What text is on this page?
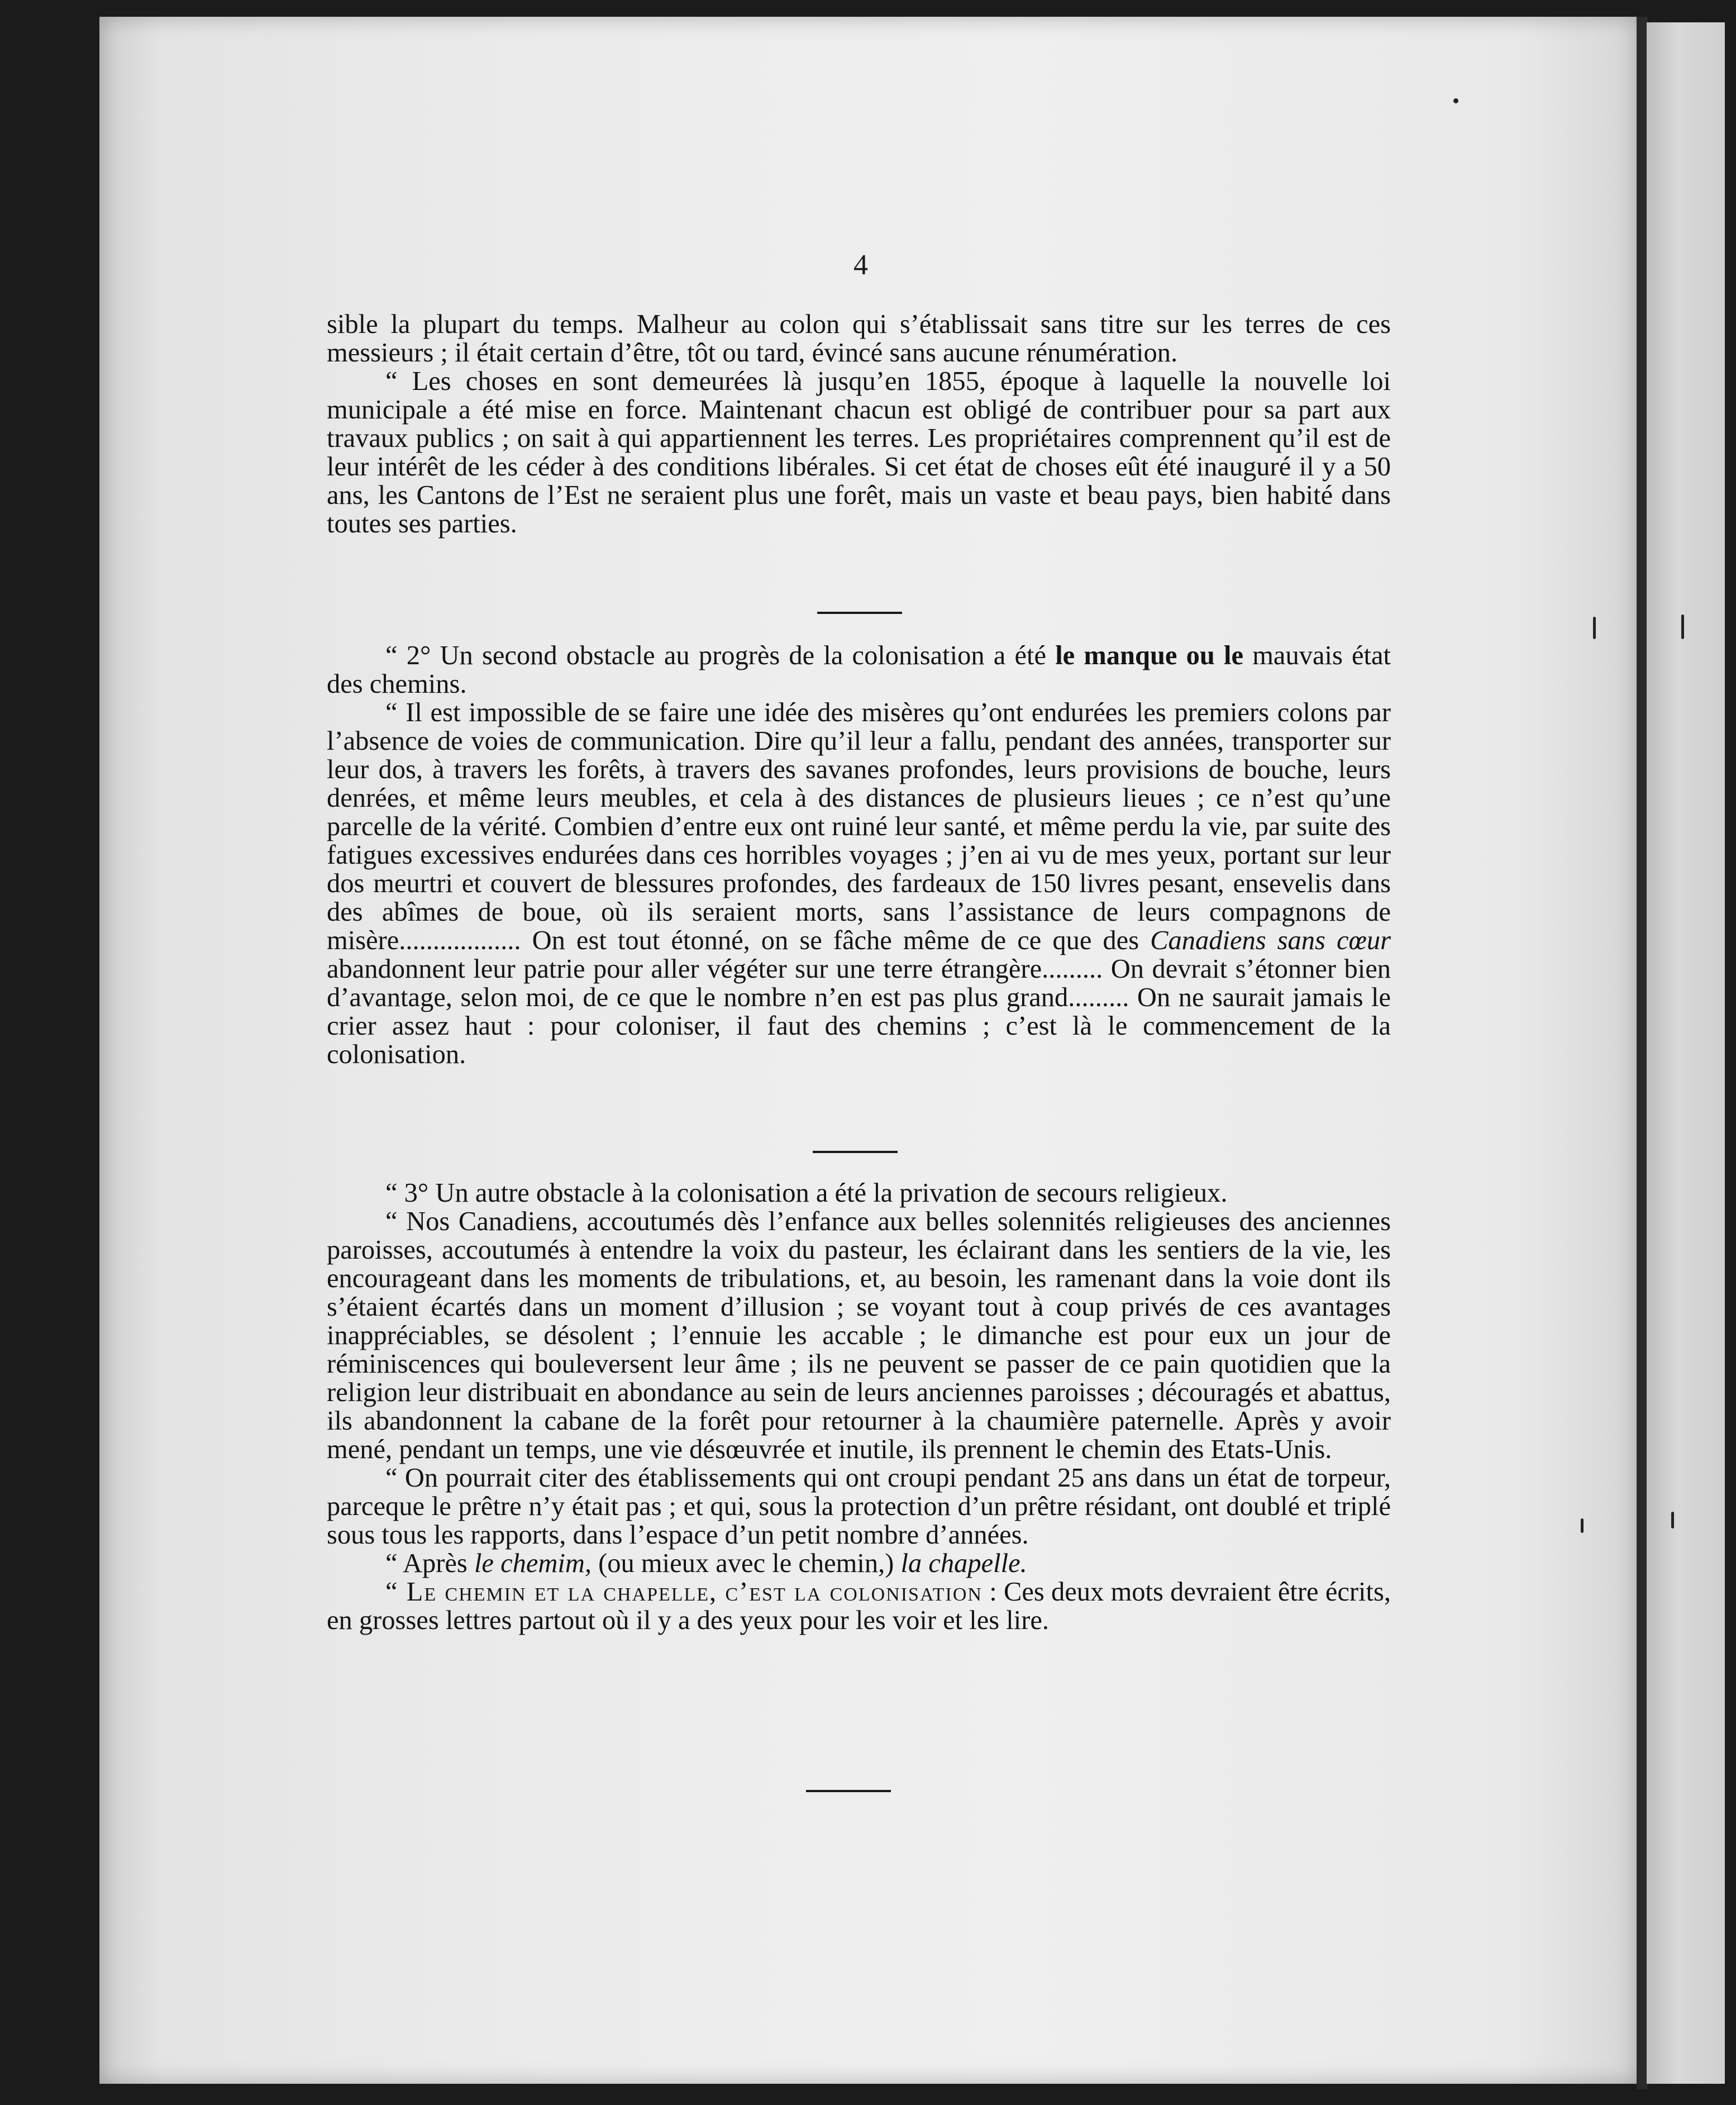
4

sible la plupart du temps. Malheur au colon qui s’établissait sans titre sur les terres de ces messieurs ; il était certain d’être, tôt ou tard, évincé sans aucune rénumération.

“ Les choses en sont demeurées là jusqu’en 1855, époque à laquelle la nouvelle loi municipale a été mise en force. Maintenant chacun est obligé de contribuer pour sa part aux travaux publics ; on sait à qui appartiennent les terres. Les propriétaires comprennent qu’il est de leur intérêt de les céder à des conditions libérales. Si cet état de choses eût été inauguré il y a 50 ans, les Cantons de l’Est ne seraient plus une forêt, mais un vaste et beau pays, bien habité dans toutes ses parties.

“ 2° Un second obstacle au progrès de la colonisation a été le manque ou le mauvais état des chemins.

“ Il est impossible de se faire une idée des misères qu’ont endurées les premiers colons par l’absence de voies de communication. Dire qu’il leur a fallu, pendant des années, transporter sur leur dos, à travers les forêts, à travers des savanes profondes, leurs provisions de bouche, leurs denrées, et même leurs meubles, et cela à des distances de plusieurs lieues ; ce n’est qu’une parcelle de la vérité. Combien d’entre eux ont ruiné leur santé, et même perdu la vie, par suite des fatigues excessives endurées dans ces horribles voyages ; j’en ai vu de mes yeux, portant sur leur dos meurtri et couvert de blessures profondes, des fardeaux de 150 livres pesant, ensevelis dans des abîmes de boue, où ils seraient morts, sans l’assistance de leurs compagnons de misère.................. On est tout étonné, on se fâche même de ce que des Canadiens sans cœur abandonnent leur patrie pour aller végéter sur une terre étrangère......... On devrait s’étonner bien d’avantage, selon moi, de ce que le nombre n’en est pas plus grand......... On ne saurait jamais le crier assez haut : pour coloniser, il faut des chemins ; c’est là le commencement de la colonisation.

“ 3° Un autre obstacle à la colonisation a été la privation de secours religieux.

“ Nos Canadiens, accoutumés dès l’enfance aux belles solennités religieuses des anciennes paroisses, accoutumés à entendre la voix du pasteur, les éclairant dans les sentiers de la vie, les encourageant dans les moments de tribulations, et, au besoin, les ramenant dans la voie dont ils s’étaient écartés dans un moment d’illusion ; se voyant tout à coup privés de ces avantages inappréciables, se désolent ; l’ennuie les accable ; le dimanche est pour eux un jour de réminiscences qui bouleversent leur âme ; ils ne peuvent se passer de ce pain quotidien que la religion leur distribuait en abondance au sein de leurs anciennes paroisses ; découragés et abattus, ils abandonnent la cabane de la forêt pour retourner à la chaumière paternelle. Après y avoir mené, pendant un temps, une vie désœuvrée et inutile, ils prennent le chemin des Etats-Unis.

“ On pourrait citer des établissements qui ont croupi pendant 25 ans dans un état de torpeur, parceque le prêtre n’y était pas ; et qui, sous la protection d’un prêtre résidant, ont doublé et triplé sous tous les rapports, dans l’espace d’un petit nombre d’années.

“ Après le chemim, (ou mieux avec le chemin,) la chapelle.

“ Le chemin et la chapelle, c’est la colonisation : Ces deux mots devraient être écrits, en grosses lettres partout où il y a des yeux pour les voir et les lire.
